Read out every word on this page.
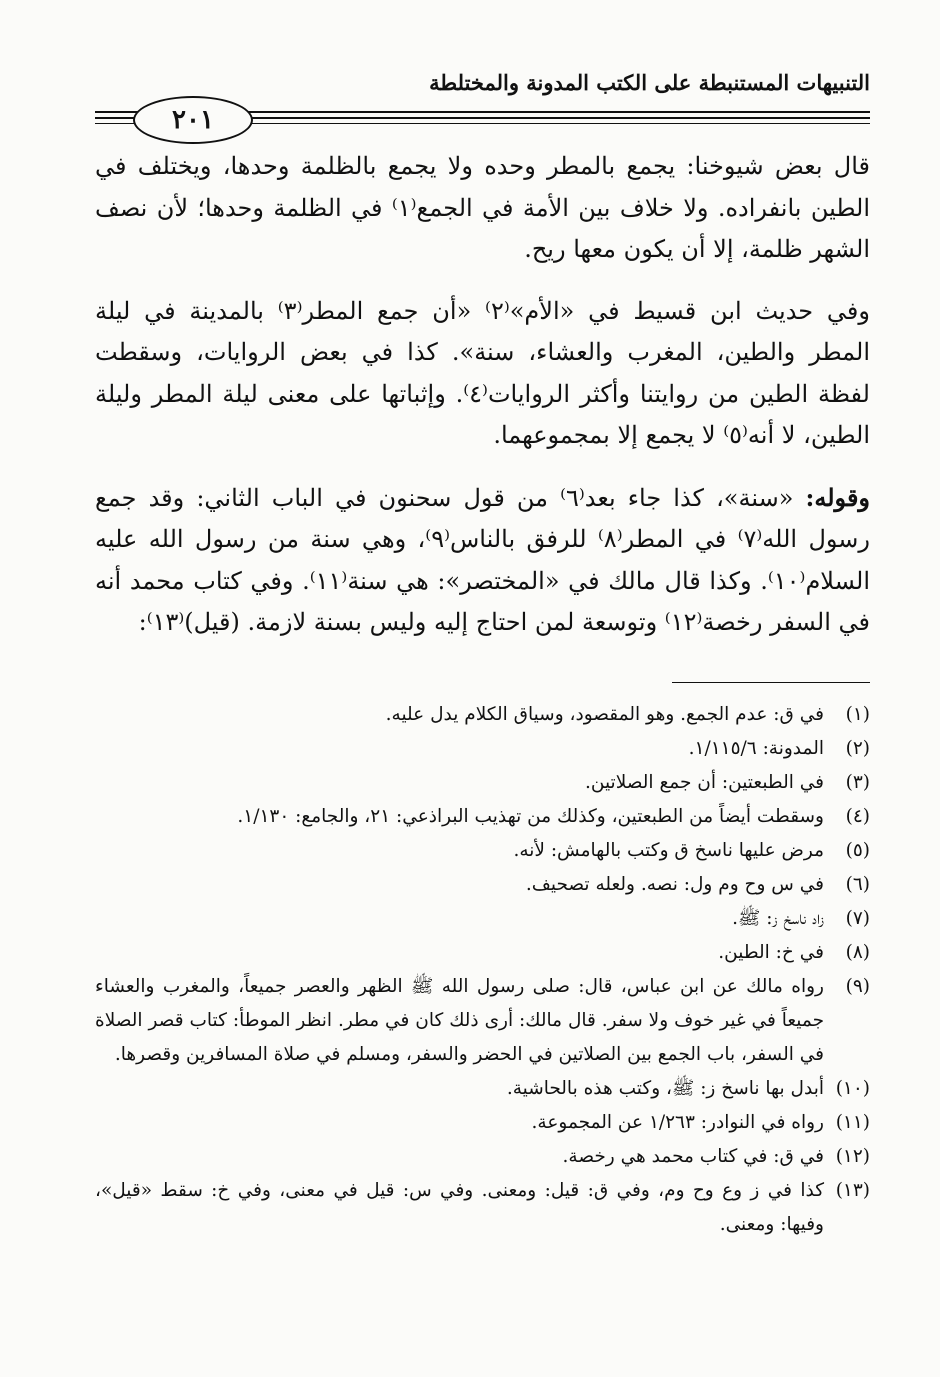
التنبيهات المستنبطة على الكتب المدونة والمختلطة
٢٠١

قال بعض شيوخنا: يجمع بالمطر وحده ولا يجمع بالظلمة وحدها، ويختلف في الطين بانفراده. ولا خلاف بين الأمة في الجمع⁽١⁾ في الظلمة وحدها؛ لأن نصف الشهر ظلمة، إلا أن يكون معها ريح.

وفي حديث ابن قسيط في «الأم»⁽٢⁾ «أن جمع المطر⁽٣⁾ بالمدينة في ليلة المطر والطين، المغرب والعشاء، سنة». كذا في بعض الروايات، وسقطت لفظة الطين من روايتنا وأكثر الروايات⁽٤⁾. وإثباتها على معنى ليلة المطر وليلة الطين، لا أنه⁽٥⁾ لا يجمع إلا بمجموعهما.

وقوله: «سنة»، كذا جاء بعد⁽٦⁾ من قول سحنون في الباب الثاني: وقد جمع رسول الله⁽٧⁾ في المطر⁽٨⁾ للرفق بالناس⁽٩⁾، وهي سنة من رسول الله عليه السلام⁽١٠⁾. وكذا قال مالك في «المختصر»: هي سنة⁽١١⁾. وفي كتاب محمد أنه في السفر رخصة⁽١٢⁾ وتوسعة لمن احتاج إليه وليس بسنة لازمة. (قيل)⁽١٣⁾:

(١)
في ق: عدم الجمع. وهو المقصود، وسياق الكلام يدل عليه.
(٢)
المدونة: ١/١١٥/٦.
(٣)
في الطبعتين: أن جمع الصلاتين.
(٤)
وسقطت أيضاً من الطبعتين، وكذلك من تهذيب البراذعي: ٢١، والجامع: ١/١٣٠.
(٥)
مرض عليها ناسخ ق وكتب بالهامش: لأنه.
(٦)
في س وح وم ول: نصه. ولعله تصحيف.
(٧)
زاد ناسخ ز: ﷺ.
(٨)
في خ: الطين.
(٩)
رواه مالك عن ابن عباس، قال: صلى رسول الله ﷺ الظهر والعصر جميعاً، والمغرب والعشاء جميعاً في غير خوف ولا سفر. قال مالك: أرى ذلك كان في مطر. انظر الموطأ: كتاب قصر الصلاة في السفر، باب الجمع بين الصلاتين في الحضر والسفر، ومسلم في صلاة المسافرين وقصرها.
(١٠)
أبدل بها ناسخ ز: ﷺ، وكتب هذه بالحاشية.
(١١)
رواه في النوادر: ١/٢٦٣ عن المجموعة.
(١٢)
في ق: في كتاب محمد هي رخصة.
(١٣)
كذا في ز وع وح وم، وفي ق: قيل: ومعنى. وفي س: قيل في معنى، وفي خ: سقط «قيل»، وفيها: ومعنى.
